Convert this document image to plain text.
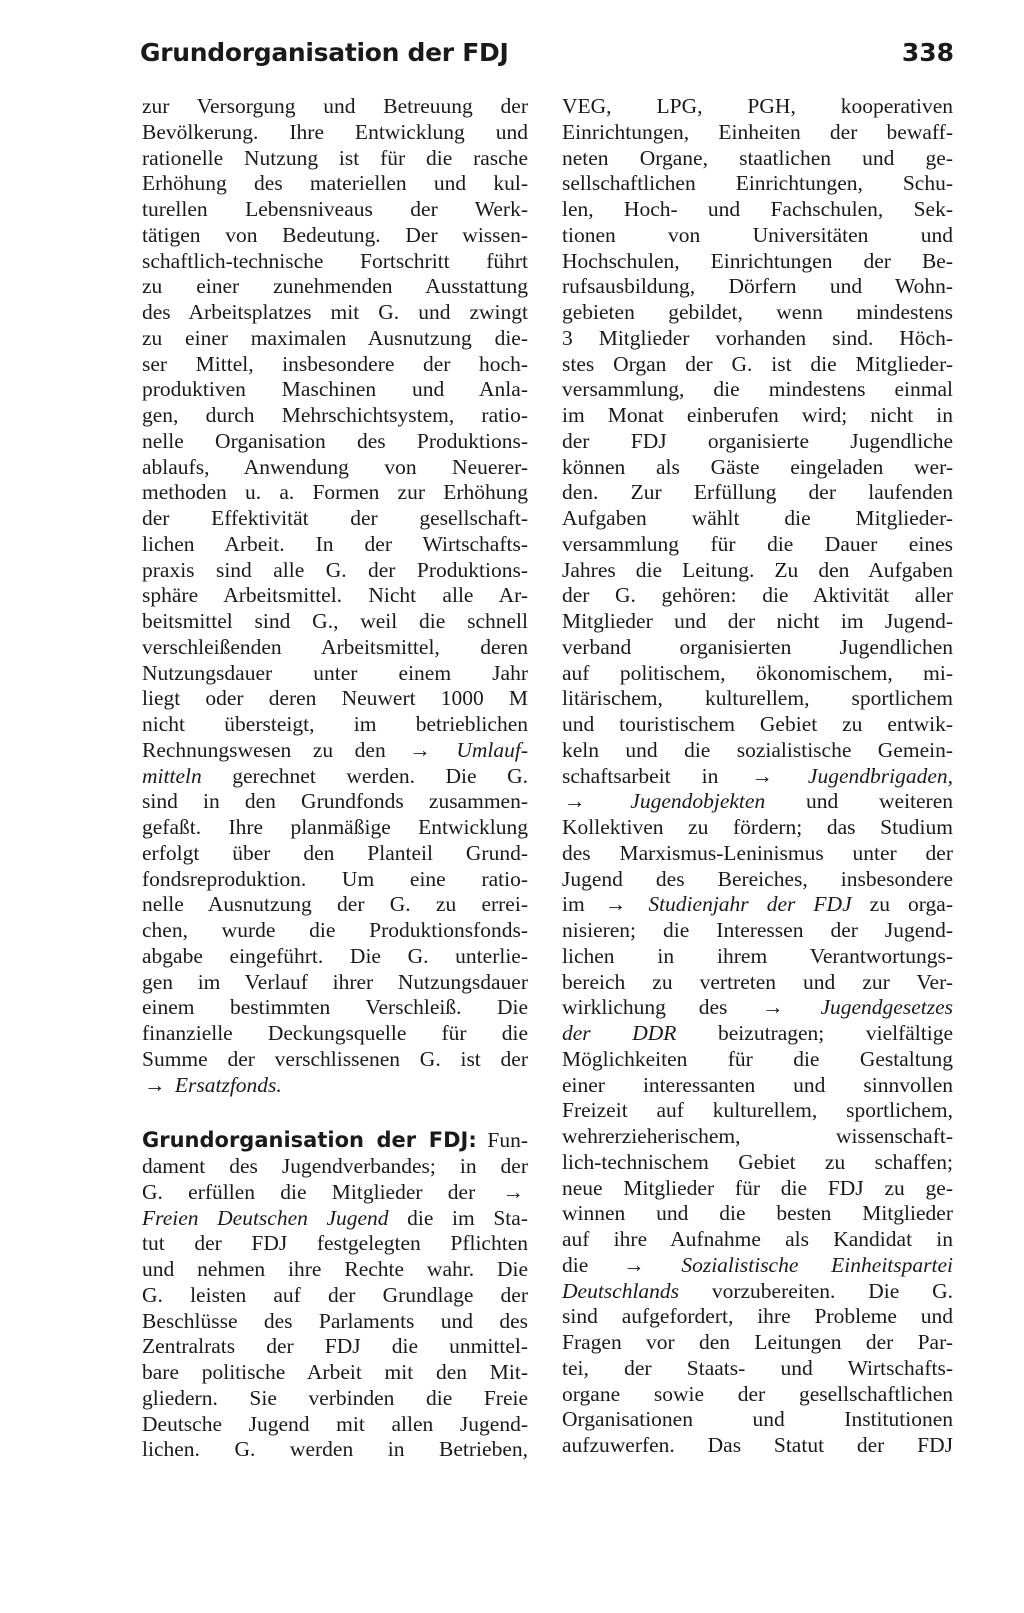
Grundorganisation der FDJ	338
zur Versorgung und Betreuung der
Bevölkerung. Ihre Entwicklung und
rationelle Nutzung ist für die rasche
Erhöhung des materiellen und kul-
turellen Lebensniveaus der Werk-
tätigen von Bedeutung. Der wissen-
schaftlich-technische Fortschritt führt
zu einer zunehmenden Ausstattung
des Arbeitsplatzes mit G. und zwingt
zu einer maximalen Ausnutzung die-
ser Mittel, insbesondere der hoch-
produktiven Maschinen und Anla-
gen, durch Mehrschichtsystem, ratio-
nelle Organisation des Produktions-
ablaufs, Anwendung von Neuerer-
methoden u. a. Formen zur Erhöhung
der Effektivität der gesellschaft-
lichen Arbeit. In der Wirtschafts-
praxis sind alle G. der Produktions-
sphäre Arbeitsmittel. Nicht alle Ar-
beitsmittel sind G., weil die schnell
verschleißenden Arbeitsmittel, deren
Nutzungsdauer unter einem Jahr
liegt oder deren Neuwert 1000 M
nicht übersteigt, im betrieblichen
Rechnungswesen zu den → Umlauf-
mitteln gerechnet werden. Die G.
sind in den Grundfonds zusammen-
gefaßt. Ihre planmäßige Entwicklung
erfolgt über den Planteil Grund-
fondsreproduktion. Um eine ratio-
nelle Ausnutzung der G. zu errei-
chen, wurde die Produktionsfonds-
abgabe eingeführt. Die G. unterlie-
gen im Verlauf ihrer Nutzungsdauer
einem bestimmten Verschleiß. Die
finanzielle Deckungsquelle für die
Summe der verschlissenen G. ist der
→ Ersatzfonds.
Grundorganisation der FDJ: Fun-
dament des Jugendverbandes; in der
G. erfüllen die Mitglieder der →
Freien Deutschen Jugend die im Sta-
tut der FDJ festgelegten Pflichten
und nehmen ihre Rechte wahr. Die
G. leisten auf der Grundlage der
Beschlüsse des Parlaments und des
Zentralrats der FDJ die unmittel-
bare politische Arbeit mit den Mit-
gliedern. Sie verbinden die Freie
Deutsche Jugend mit allen Jugend-
lichen. G. werden in Betrieben,
VEG, LPG, PGH, kooperativen
Einrichtungen, Einheiten der bewaff-
neten Organe, staatlichen und ge-
sellschaftlichen Einrichtungen, Schu-
len, Hoch- und Fachschulen, Sek-
tionen von Universitäten und
Hochschulen, Einrichtungen der Be-
rufsausbildung, Dörfern und Wohn-
gebieten gebildet, wenn mindestens
3 Mitglieder vorhanden sind. Höch-
stes Organ der G. ist die Mitglieder-
versammlung, die mindestens einmal
im Monat einberufen wird; nicht in
der FDJ organisierte Jugendliche
können als Gäste eingeladen wer-
den. Zur Erfüllung der laufenden
Aufgaben wählt die Mitglieder-
versammlung für die Dauer eines
Jahres die Leitung. Zu den Aufgaben
der G. gehören: die Aktivität aller
Mitglieder und der nicht im Jugend-
verband organisierten Jugendlichen
auf politischem, ökonomischem, mi-
litärischem, kulturellem, sportlichem
und touristischem Gebiet zu entwik-
keln und die sozialistische Gemein-
schaftsarbeit in → Jugendbrigaden,
→ Jugendobjekten und weiteren
Kollektiven zu fördern; das Studium
des Marxismus-Leninismus unter der
Jugend des Bereiches, insbesondere
im → Studienjahr der FDJ zu orga-
nisieren; die Interessen der Jugend-
lichen in ihrem Verantwortungs-
bereich zu vertreten und zur Ver-
wirklichung des → Jugendgesetzes
der DDR beizutragen; vielfältige
Möglichkeiten für die Gestaltung
einer interessanten und sinnvollen
Freizeit auf kulturellem, sportlichem,
wehrerzieherischem, wissenschaft-
lich-technischem Gebiet zu schaffen;
neue Mitglieder für die FDJ zu ge-
winnen und die besten Mitglieder
auf ihre Aufnahme als Kandidat in
die → Sozialistische Einheitspartei
Deutschlands vorzubereiten. Die G.
sind aufgefordert, ihre Probleme und
Fragen vor den Leitungen der Par-
tei, der Staats- und Wirtschafts-
organe sowie der gesellschaftlichen
Organisationen und Institutionen
aufzuwerfen. Das Statut der FDJ
